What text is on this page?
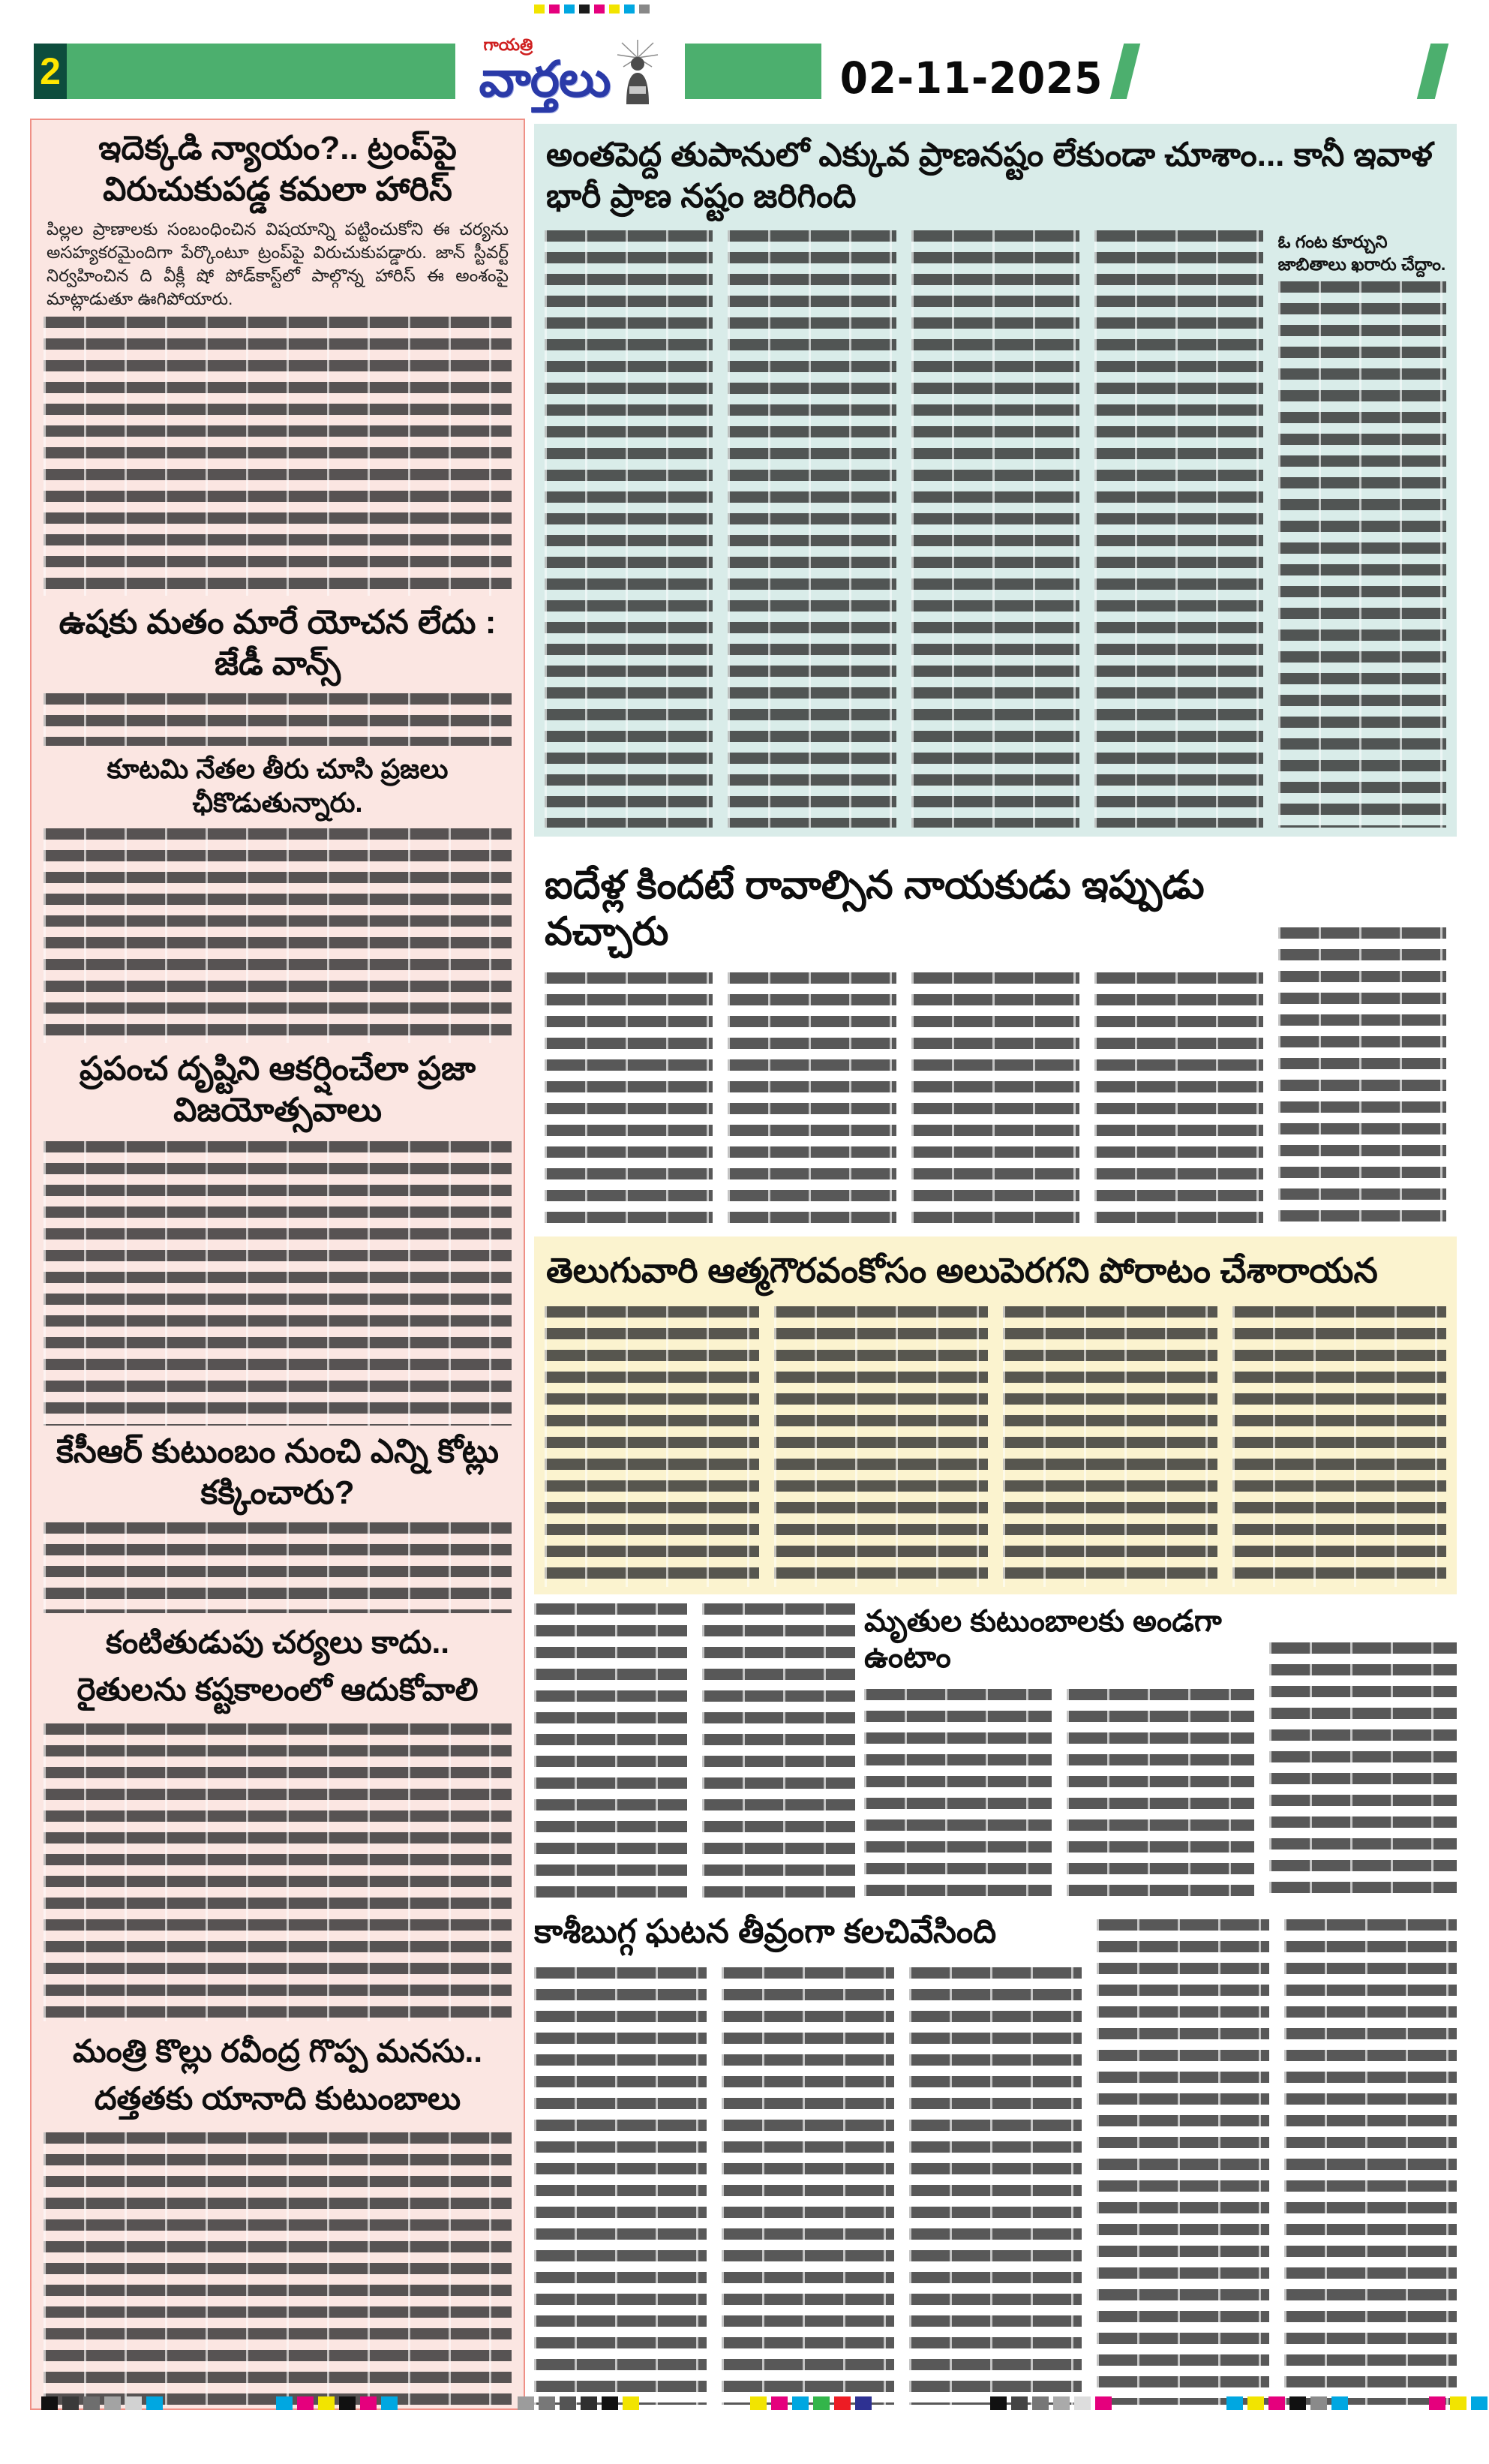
2
గాయత్రి
వార్తలు	02-11-2025
ఇదెక్కడి న్యాయం?.. ట్రంప్‌పై విరుచుకుపడ్డ కమలా హారిస్

పిల్లల ప్రాణాలకు సంబంధించిన విషయాన్ని పట్టించుకోని ఈ చర్యను అసహ్యకరమైందిగా పేర్కొంటూ ట్రంప్‌పై విరుచుకుపడ్డారు. జాన్ స్టీవర్ట్ నిర్వహించిన ది వీక్లీ షో పోడ్‌కాస్ట్‌లో పాల్గొన్న హారిస్ ఈ అంశంపై మాట్లాడుతూ ఊగిపోయారు.

ఉషకు మతం మారే యోచన లేదు : జేడీ వాన్స్
కూటమి నేతల తీరు చూసి ప్రజలు ఛీకొడుతున్నారు.
ప్రపంచ దృష్టిని ఆకర్షించేలా ప్రజా విజయోత్సవాలు
కేసీఆర్ కుటుంబం నుంచి ఎన్ని కోట్లు కక్కించారు?
కంటితుడుపు చర్యలు కాదు..
రైతులను కష్టకాలంలో ఆదుకోవాలి
మంత్రి కొల్లు రవీంద్ర గొప్ప మనసు..
దత్తతకు యానాది కుటుంబాలు
అంతపెద్ద తుపానులో ఎక్కువ ప్రాణనష్టం లేకుండా చూశాం... కానీ ఇవాళ భారీ ప్రాణ నష్టం జరిగింది

ఓ గంట కూర్చుని జాబితాలు ఖరారు చేద్దాం.

ఐదేళ్ల కిందటే రావాల్సిన నాయకుడు ఇప్పుడు వచ్చారు
తెలుగువారి ఆత్మగౌరవంకోసం అలుపెరగని పోరాటం చేశారాయన
మృతుల కుటుంబాలకు అండగా ఉంటాం
కాశీబుగ్గ ఘటన తీవ్రంగా కలచివేసింది
